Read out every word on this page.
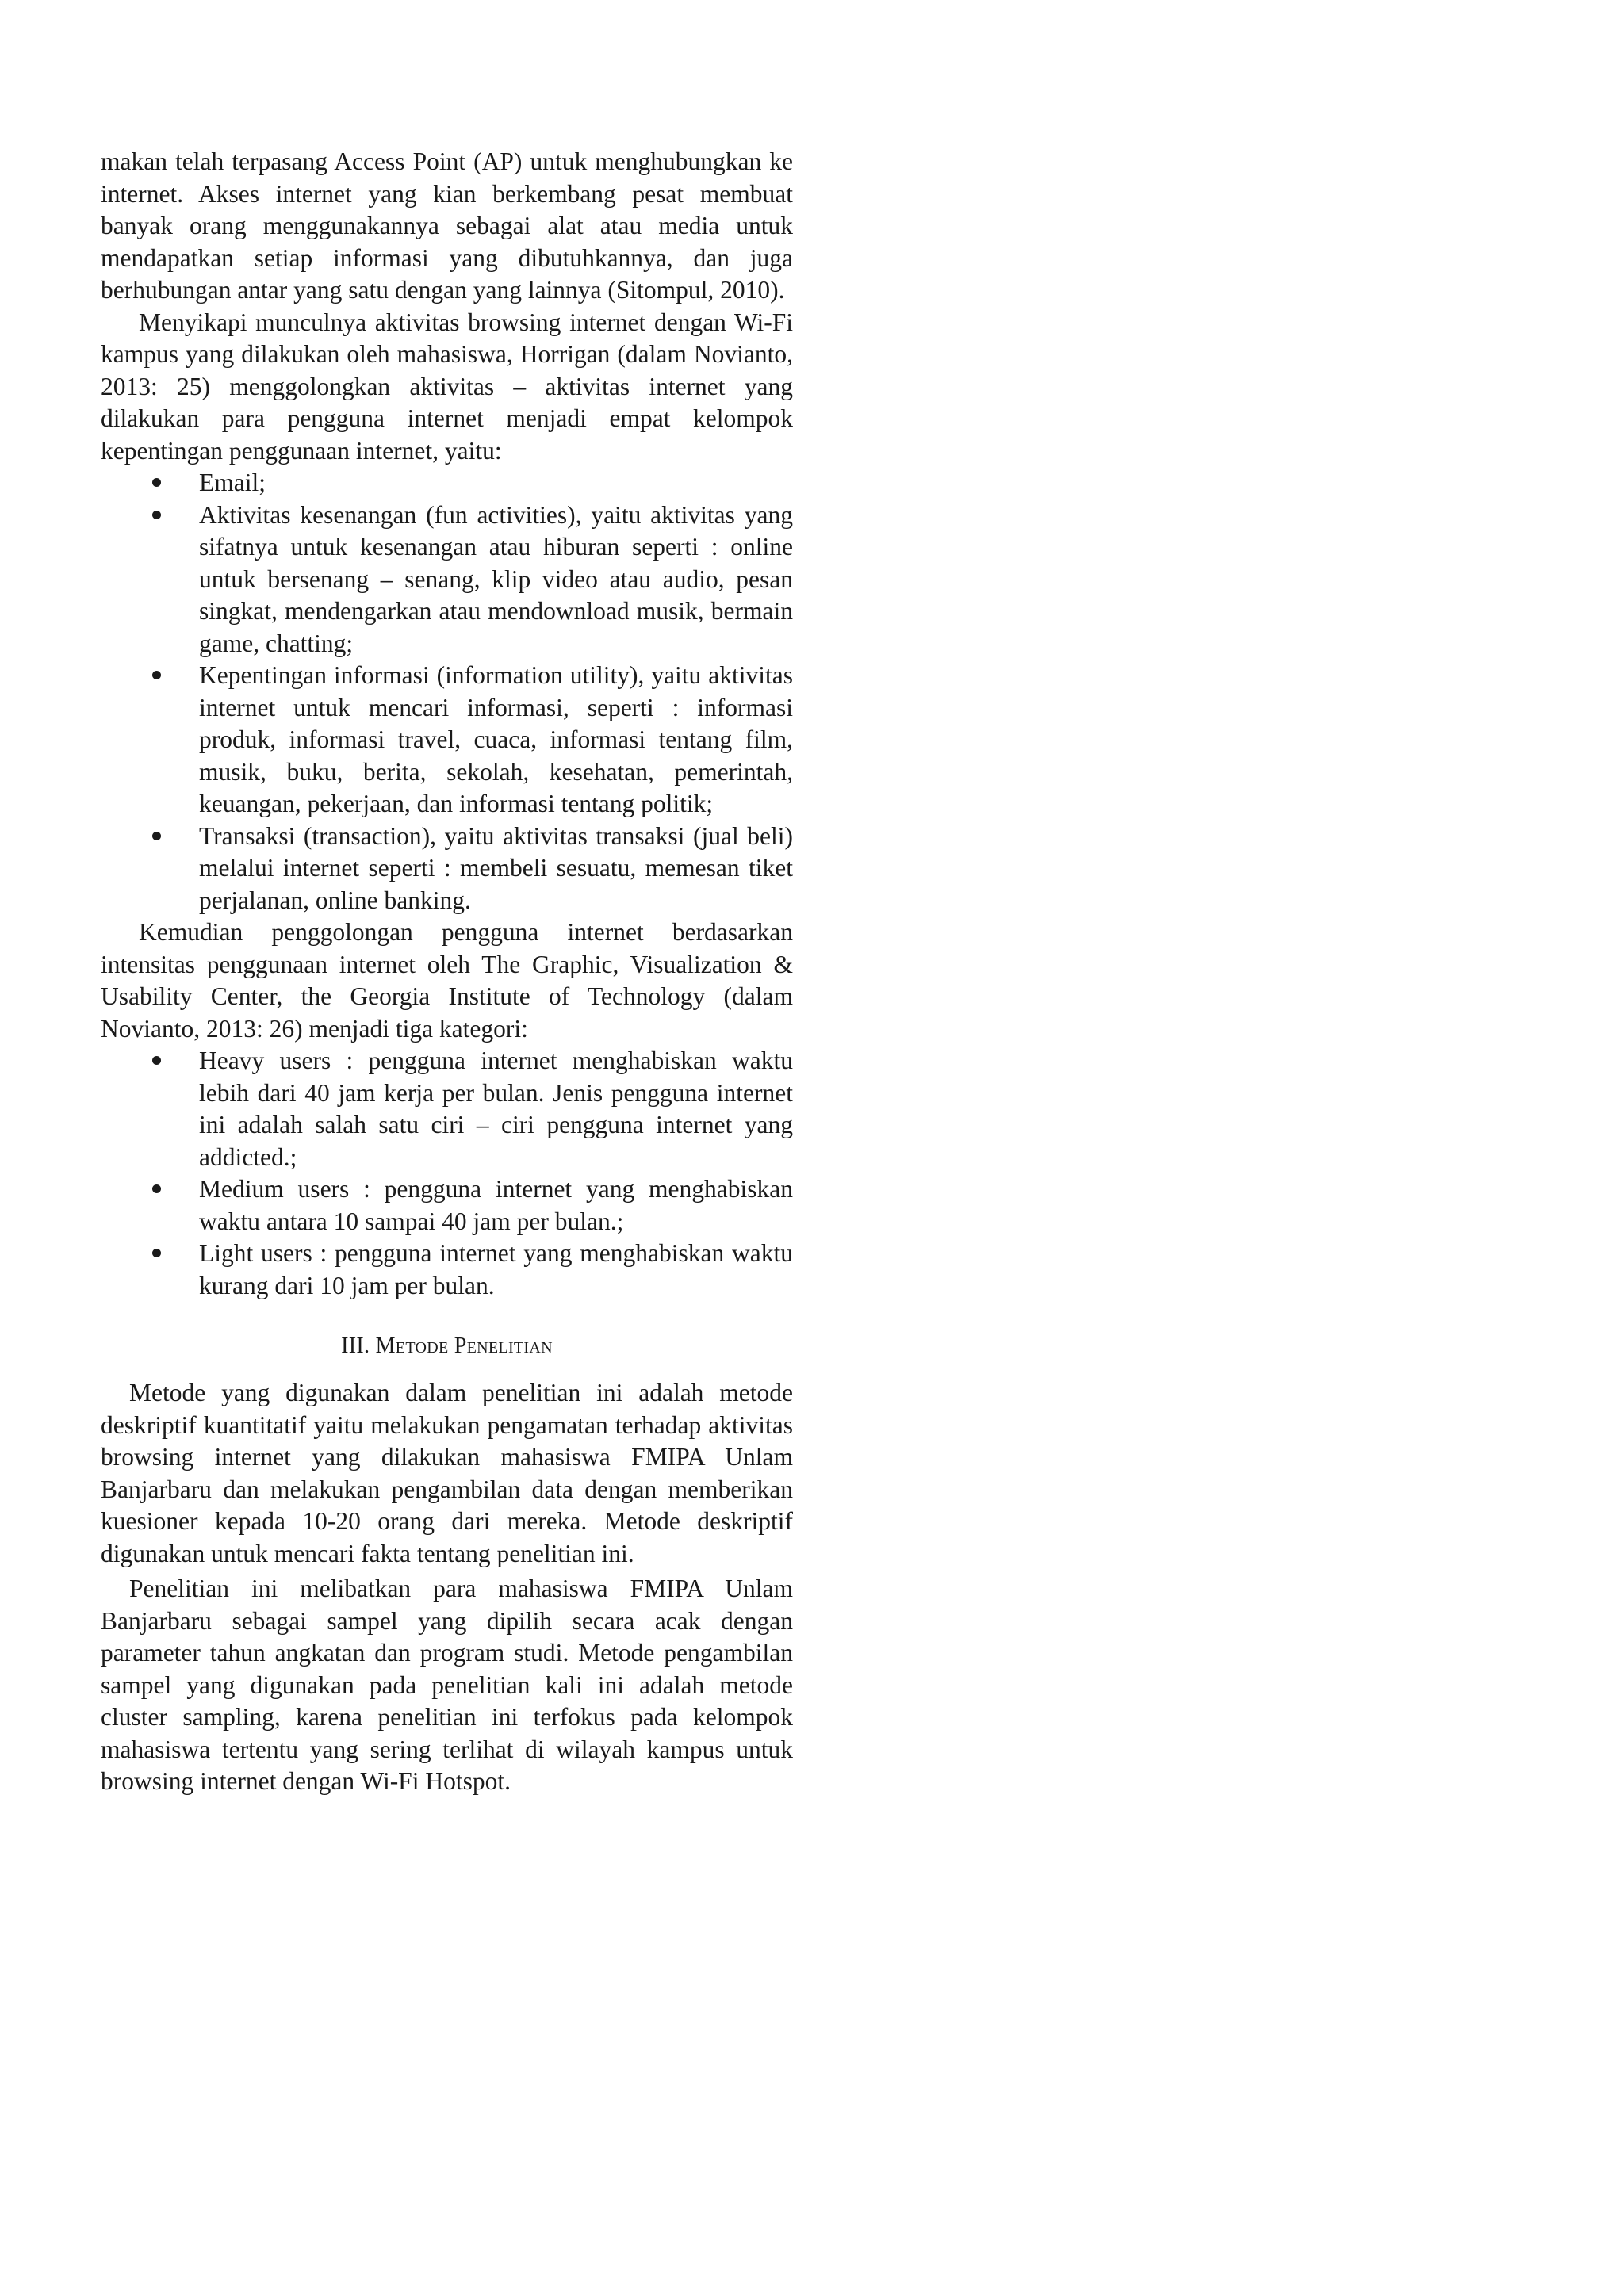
makan telah terpasang Access Point (AP) untuk menghubungkan ke internet. Akses internet yang kian berkembang pesat membuat banyak orang menggunakannya sebagai alat atau media untuk mendapatkan setiap informasi yang dibutuhkannya, dan juga berhubungan antar yang satu dengan yang lainnya (Sitompul, 2010).

Menyikapi munculnya aktivitas browsing internet dengan Wi-Fi kampus yang dilakukan oleh mahasiswa, Horrigan (dalam Novianto, 2013: 25) menggolongkan aktivitas – aktivitas internet yang dilakukan para pengguna internet menjadi empat kelompok kepentingan penggunaan internet, yaitu:

Email;
Aktivitas kesenangan (fun activities), yaitu aktivitas yang sifatnya untuk kesenangan atau hiburan seperti : online untuk bersenang – senang, klip video atau audio, pesan singkat, mendengarkan atau mendownload musik, bermain game, chatting;
Kepentingan informasi (information utility), yaitu aktivitas internet untuk mencari informasi, seperti : informasi produk, informasi travel, cuaca, informasi tentang film, musik, buku, berita, sekolah, kesehatan, pemerintah, keuangan, pekerjaan, dan informasi tentang politik;
Transaksi (transaction), yaitu aktivitas transaksi (jual beli) melalui internet seperti : membeli sesuatu, memesan tiket perjalanan, online banking.

Kemudian penggolongan pengguna internet berdasarkan intensitas penggunaan internet oleh The Graphic, Visualization & Usability Center, the Georgia Institute of Technology (dalam Novianto, 2013: 26) menjadi tiga kategori:

Heavy users : pengguna internet menghabiskan waktu lebih dari 40 jam kerja per bulan. Jenis pengguna internet ini adalah salah satu ciri – ciri pengguna internet yang addicted.;
Medium users : pengguna internet yang menghabiskan waktu antara 10 sampai 40 jam per bulan.;
Light users : pengguna internet yang menghabiskan waktu kurang dari 10 jam per bulan.
III. Metode Penelitian

Metode yang digunakan dalam penelitian ini adalah metode deskriptif kuantitatif yaitu melakukan pengamatan terhadap aktivitas browsing internet yang dilakukan mahasiswa FMIPA Unlam Banjarbaru dan melakukan pengambilan data dengan memberikan kuesioner kepada 10-20 orang dari mereka. Metode deskriptif digunakan untuk mencari fakta tentang penelitian ini.

Penelitian ini melibatkan para mahasiswa FMIPA Unlam Banjarbaru sebagai sampel yang dipilih secara acak dengan parameter tahun angkatan dan program studi. Metode pengambilan sampel yang digunakan pada penelitian kali ini adalah metode cluster sampling, karena penelitian ini terfokus pada kelompok mahasiswa tertentu yang sering terlihat di wilayah kampus untuk browsing internet dengan Wi-Fi Hotspot.
